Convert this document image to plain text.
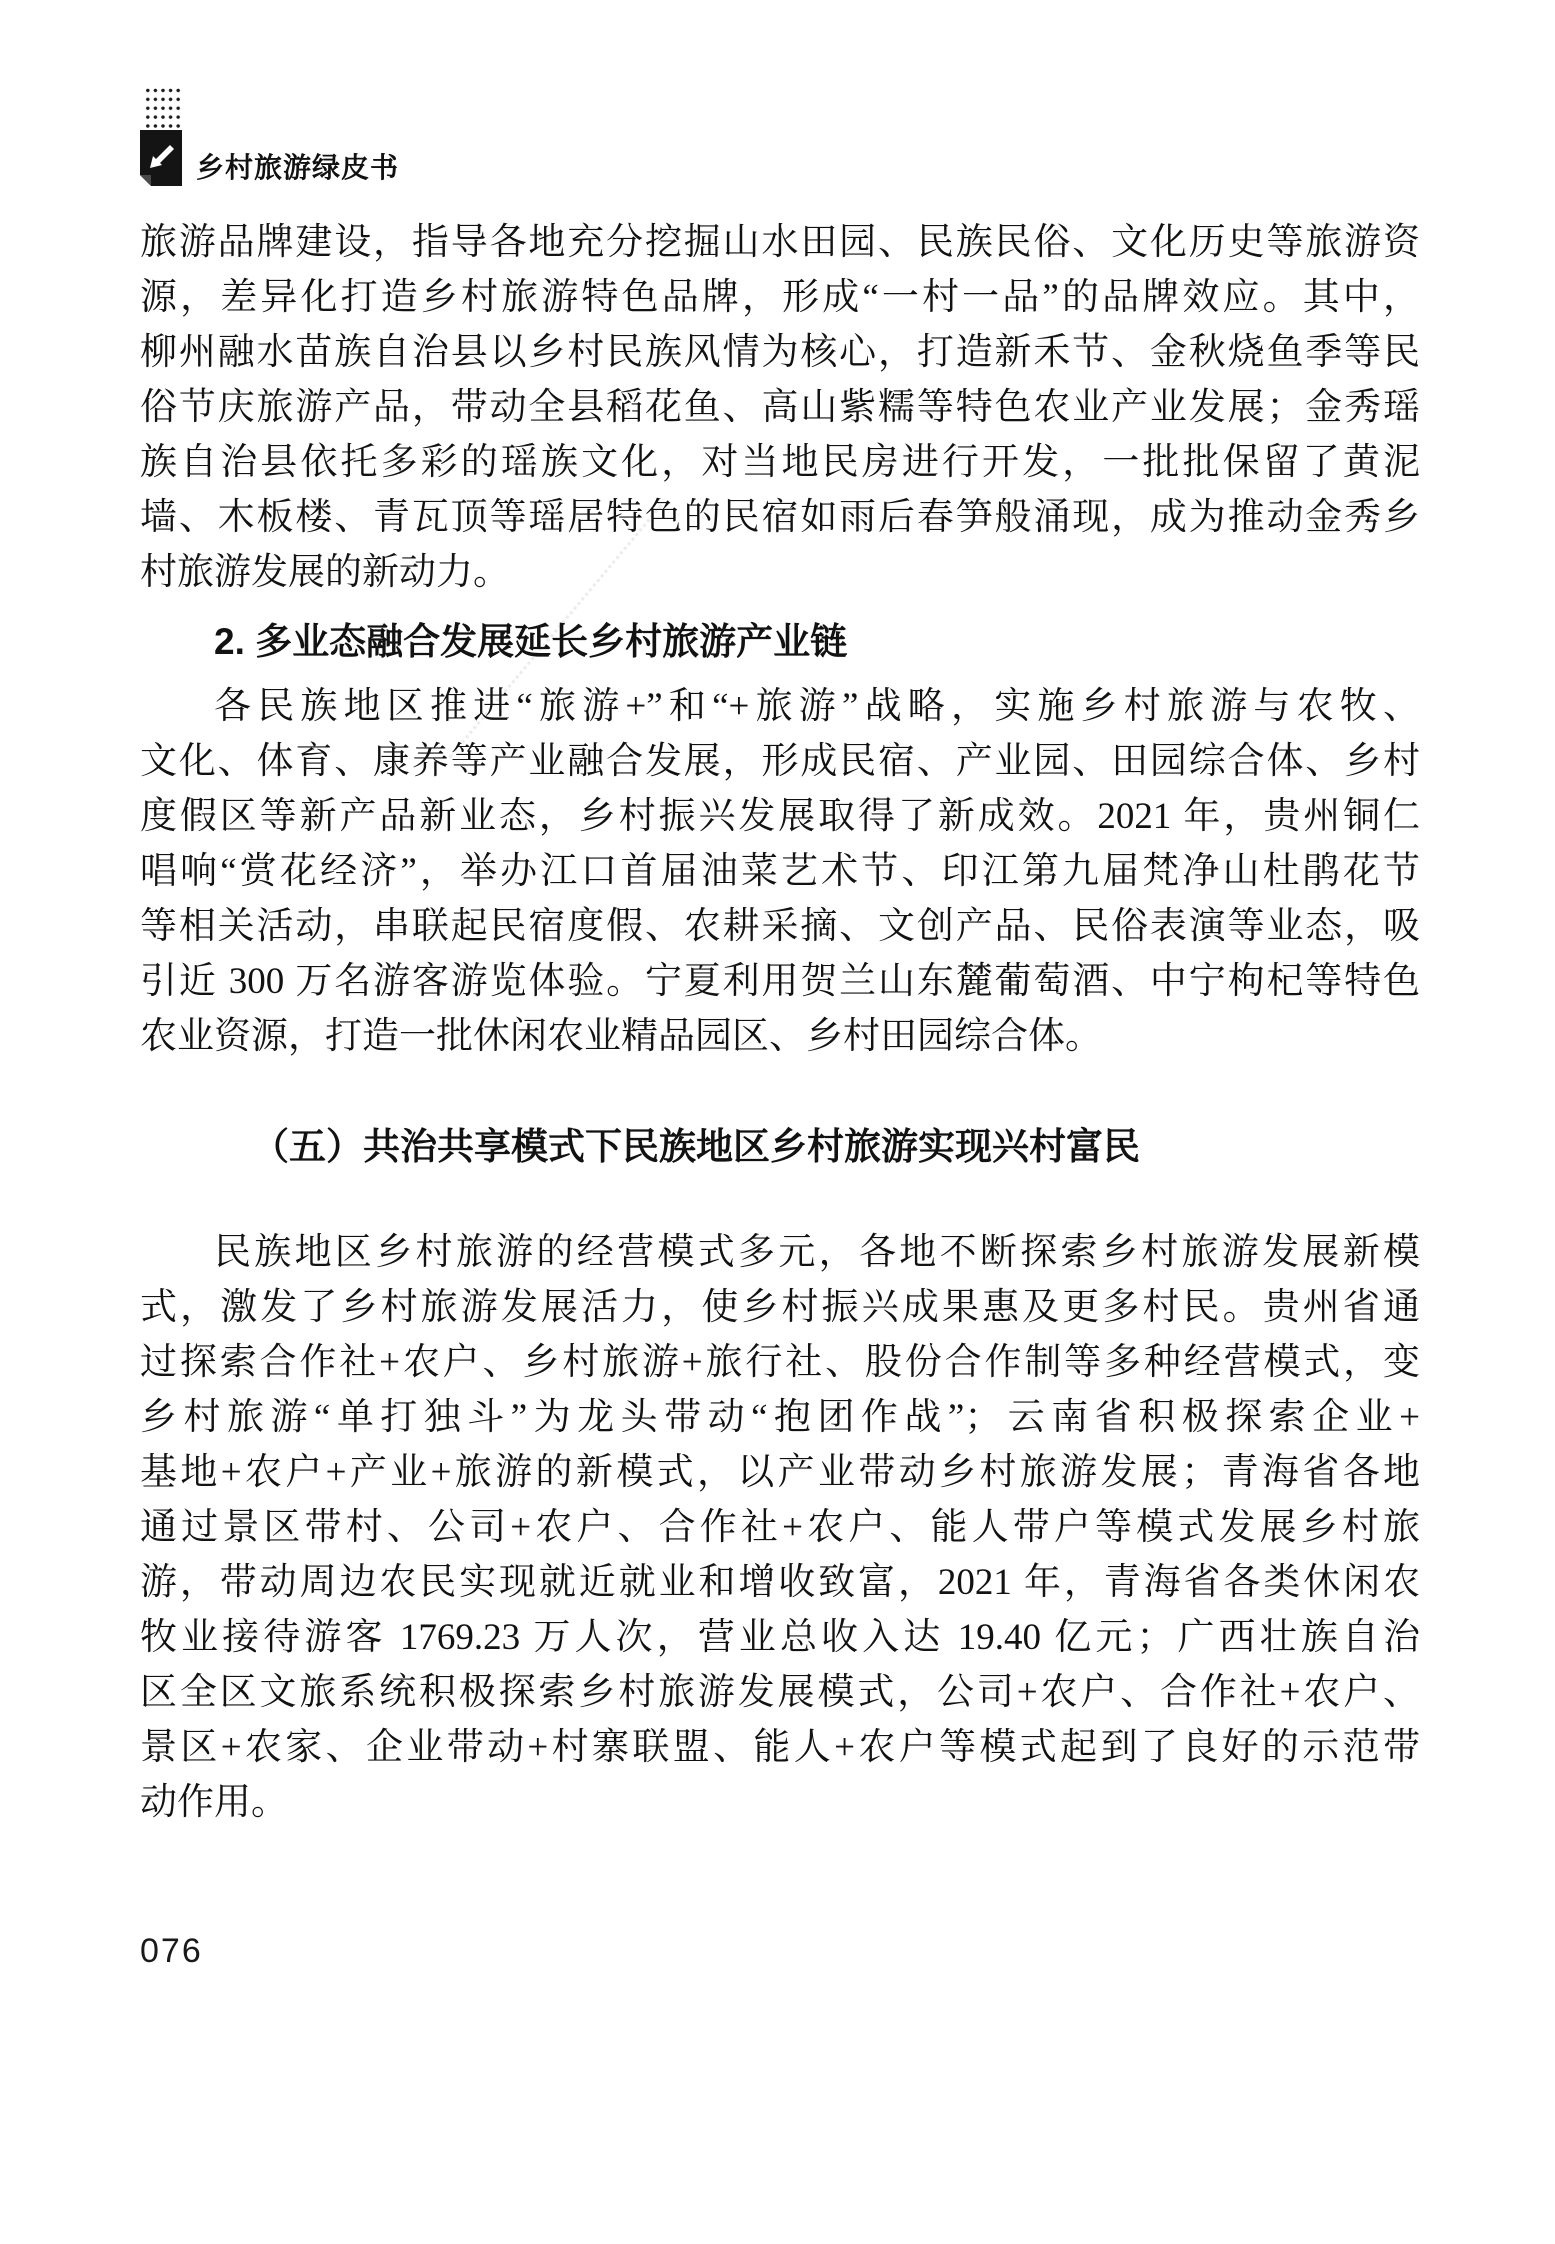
乡村旅游绿皮书
旅游品牌建设，指导各地充分挖掘山水田园、民族民俗、文化历史等旅游资
源，差异化打造乡村旅游特色品牌，形成“一村一品”的品牌效应。其中，
柳州融水苗族自治县以乡村民族风情为核心，打造新禾节、金秋烧鱼季等民
俗节庆旅游产品，带动全县稻花鱼、高山紫糯等特色农业产业发展；金秀瑶
族自治县依托多彩的瑶族文化，对当地民房进行开发，一批批保留了黄泥
墙、木板楼、青瓦顶等瑶居特色的民宿如雨后春笋般涌现，成为推动金秀乡
村旅游发展的新动力。
2. 多业态融合发展延长乡村旅游产业链
各民族地区推进“旅游+”和“+旅游”战略，实施乡村旅游与农牧、
文化、体育、康养等产业融合发展，形成民宿、产业园、田园综合体、乡村
度假区等新产品新业态，乡村振兴发展取得了新成效。2021 年，贵州铜仁
唱响“赏花经济”，举办江口首届油菜艺术节、印江第九届梵净山杜鹃花节
等相关活动，串联起民宿度假、农耕采摘、文创产品、民俗表演等业态，吸
引近 300 万名游客游览体验。宁夏利用贺兰山东麓葡萄酒、中宁枸杞等特色
农业资源，打造一批休闲农业精品园区、乡村田园综合体。
（五）共治共享模式下民族地区乡村旅游实现兴村富民
民族地区乡村旅游的经营模式多元，各地不断探索乡村旅游发展新模
式，激发了乡村旅游发展活力，使乡村振兴成果惠及更多村民。贵州省通
过探索合作社+农户、乡村旅游+旅行社、股份合作制等多种经营模式，变
乡村旅游“单打独斗”为龙头带动“抱团作战”；云南省积极探索企业+
基地+农户+产业+旅游的新模式，以产业带动乡村旅游发展；青海省各地
通过景区带村、公司+农户、合作社+农户、能人带户等模式发展乡村旅
游，带动周边农民实现就近就业和增收致富，2021 年，青海省各类休闲农
牧业接待游客 1769.23 万人次，营业总收入达 19.40 亿元；广西壮族自治
区全区文旅系统积极探索乡村旅游发展模式，公司+农户、合作社+农户、
景区+农家、企业带动+村寨联盟、能人+农户等模式起到了良好的示范带
动作用。
076
